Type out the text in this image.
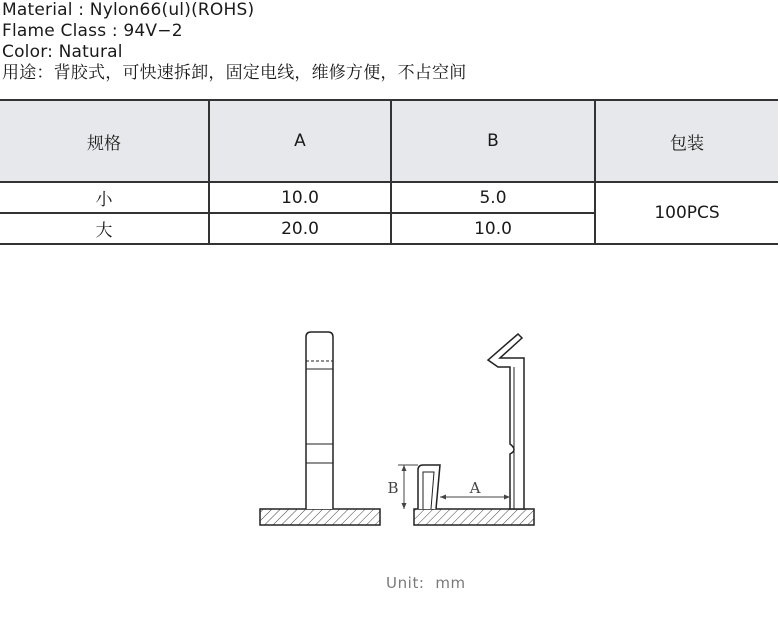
Material : Nylon66(ul)(ROHS)
Flame Class : 94V−2
Color: Natural
用途：背胶式，可快速拆卸，固定电线，维修方便，不占空间
规格	A	B	包装
小	10.0	5.0	100PCS
大	20.0	10.0	
A
B
Unit:  mm
